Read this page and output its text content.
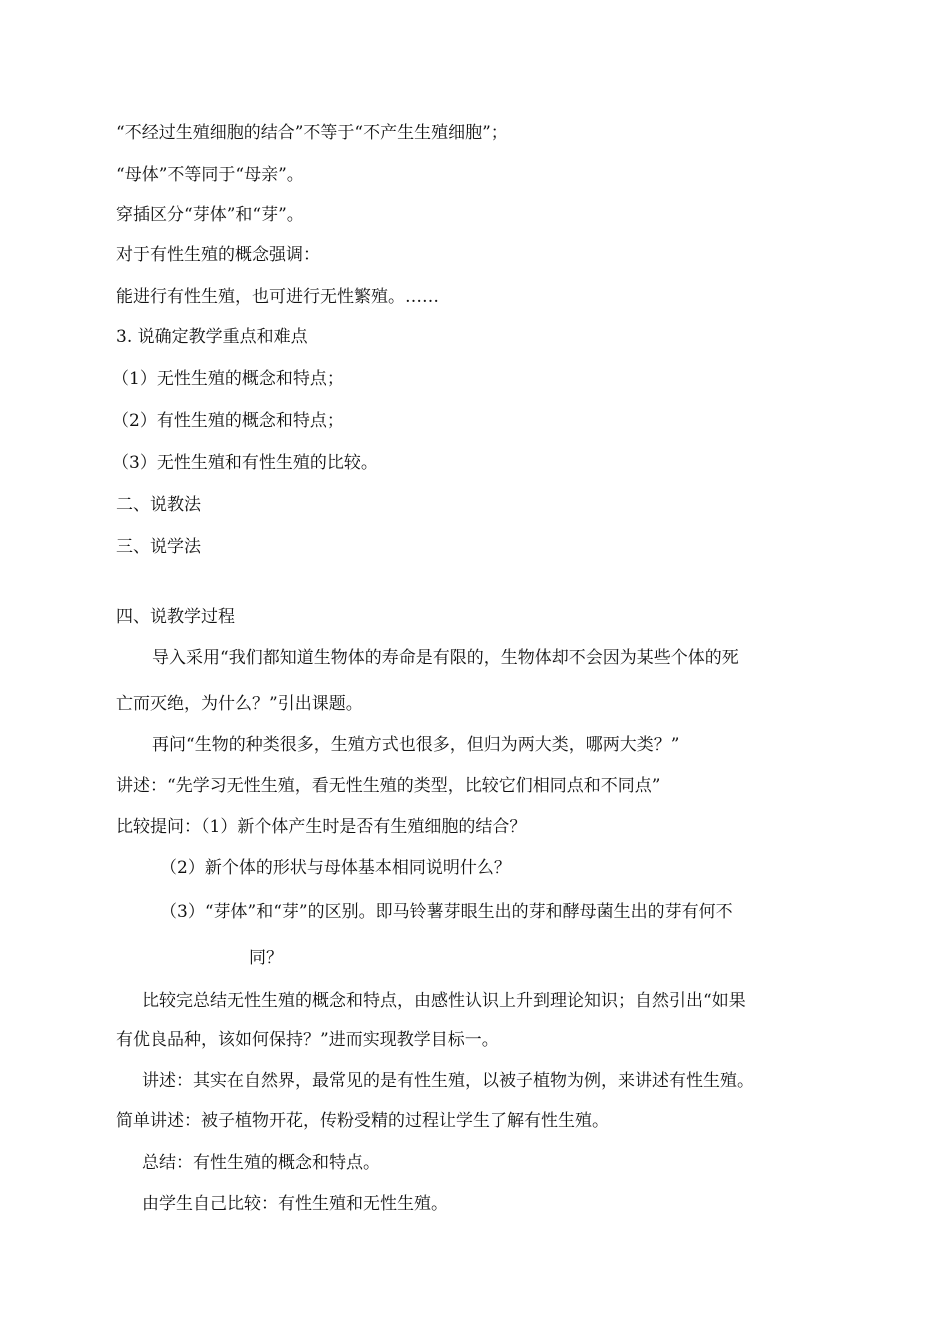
“不经过生殖细胞的结合”不等于“不产生生殖细胞”；
“母体”不等同于“母亲”。
穿插区分“芽体”和“芽”。
对于有性生殖的概念强调：
能进行有性生殖，也可进行无性繁殖。……
3. 说确定教学重点和难点
（1）无性生殖的概念和特点；
（2）有性生殖的概念和特点；
（3）无性生殖和有性生殖的比较。
二、说教法
三、说学法
四、说教学过程
导入采用“我们都知道生物体的寿命是有限的，生物体却不会因为某些个体的死
亡而灭绝，为什么？”引出课题。
再问“生物的种类很多，生殖方式也很多，但归为两大类，哪两大类？”
讲述：“先学习无性生殖，看无性生殖的类型，比较它们相同点和不同点”
比较提问：（1）新个体产生时是否有生殖细胞的结合？
（2）新个体的形状与母体基本相同说明什么？
（3）“芽体”和“芽”的区别。即马铃薯芽眼生出的芽和酵母菌生出的芽有何不
同？
比较完总结无性生殖的概念和特点，由感性认识上升到理论知识；自然引出“如果
有优良品种，该如何保持？”进而实现教学目标一。
讲述：其实在自然界，最常见的是有性生殖，以被子植物为例，来讲述有性生殖。
简单讲述：被子植物开花，传粉受精的过程让学生了解有性生殖。
总结：有性生殖的概念和特点。
由学生自己比较：有性生殖和无性生殖。
